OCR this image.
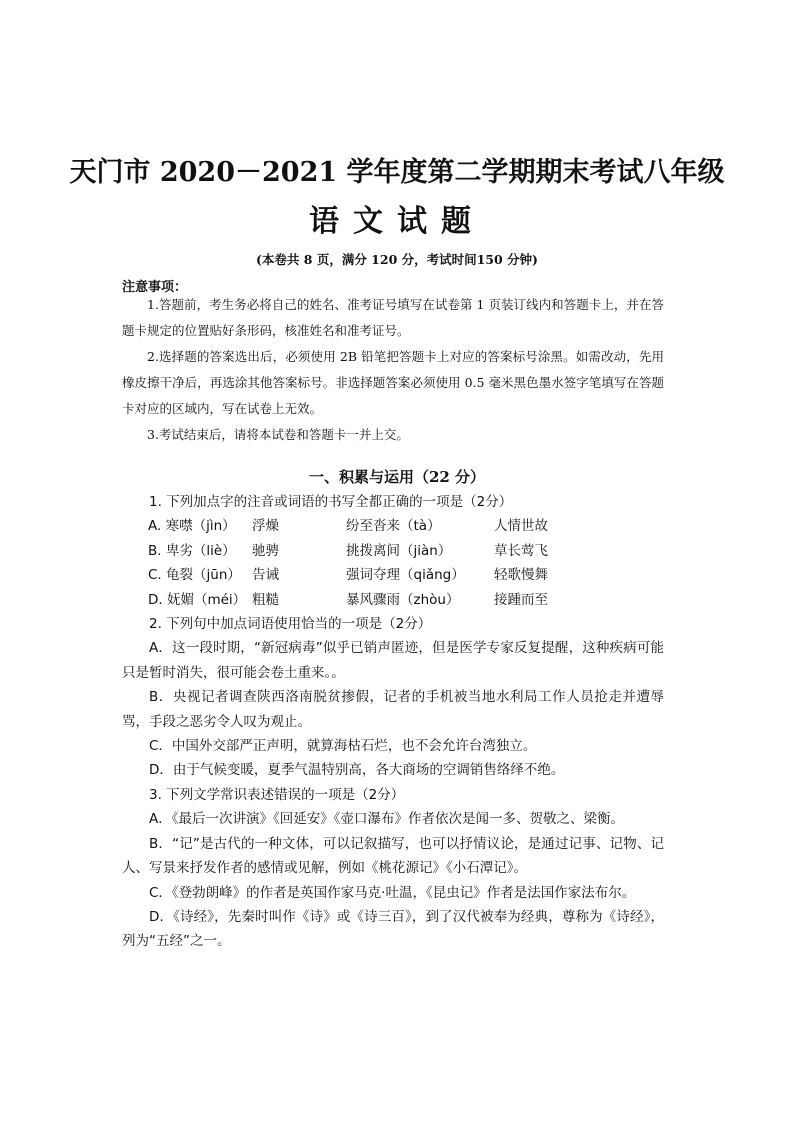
天门市 2020－2021 学年度第二学期期末考试八年级
语文试题
(本卷共 8 页，满分 120 分，考试时间150 分钟)
注意事项：

1.答题前，考生务必将自己的姓名、准考证号填写在试卷第 1 页装订线内和答题卡上，并在答题卡规定的位置贴好条形码，核准姓名和准考证号。

2.选择题的答案选出后，必须使用 2B 铅笔把答题卡上对应的答案标号涂黑。如需改动，先用橡皮擦干净后，再选涂其他答案标号。非选择题答案必须使用 0.5 毫米黑色墨水签字笔填写在答题卡对应的区域内，写在试卷上无效。

3.考试结束后，请将本试卷和答题卡一并上交。

一、积累与运用（22 分）

1. 下列加点字的注音或词语的书写全都正确的一项是（2分）

A. 寒噤（jìn）	浮燥	纷至沓来（tà）	人情世故
B. 卑劣（liè）	驰骋	挑拨离间（jiàn）	草长莺飞
C. 龟裂（jūn） 告诫	强词夺理（qiǎng）	轻歌慢舞
D. 妩媚（méi） 粗糙	暴风骤雨（zhòu）	接踵而至

2. 下列句中加点词语使用恰当的一项是（2分）

A．这一段时期，“新冠病毒”似乎已销声匿迹，但是医学专家反复提醒，这种疾病可能只是暂时消失，很可能会卷土重来。。

B．央视记者调查陕西洛南脱贫掺假，记者的手机被当地水利局工作人员抢走并遭辱骂，手段之恶劣令人叹为观止。

C．中国外交部严正声明，就算海枯石烂，也不会允许台湾独立。

D．由于气候变暖，夏季气温特别高，各大商场的空调销售络绎不绝。

3. 下列文学常识表述错误的一项是（2分）

A．《最后一次讲演》《回延安》《壶口瀑布》作者依次是闻一多、贺敬之、梁衡。

B．“记”是古代的一种文体，可以记叙描写，也可以抒情议论，是通过记事、记物、记人、写景来抒发作者的感情或见解，例如《桃花源记》《小石潭记》。

C．《登勃朗峰》的作者是英国作家马克·吐温，《昆虫记》作者是法国作家法布尔。

D．《诗经》，先秦时叫作《诗》或《诗三百》，到了汉代被奉为经典，尊称为《诗经》，列为“五经”之一。
